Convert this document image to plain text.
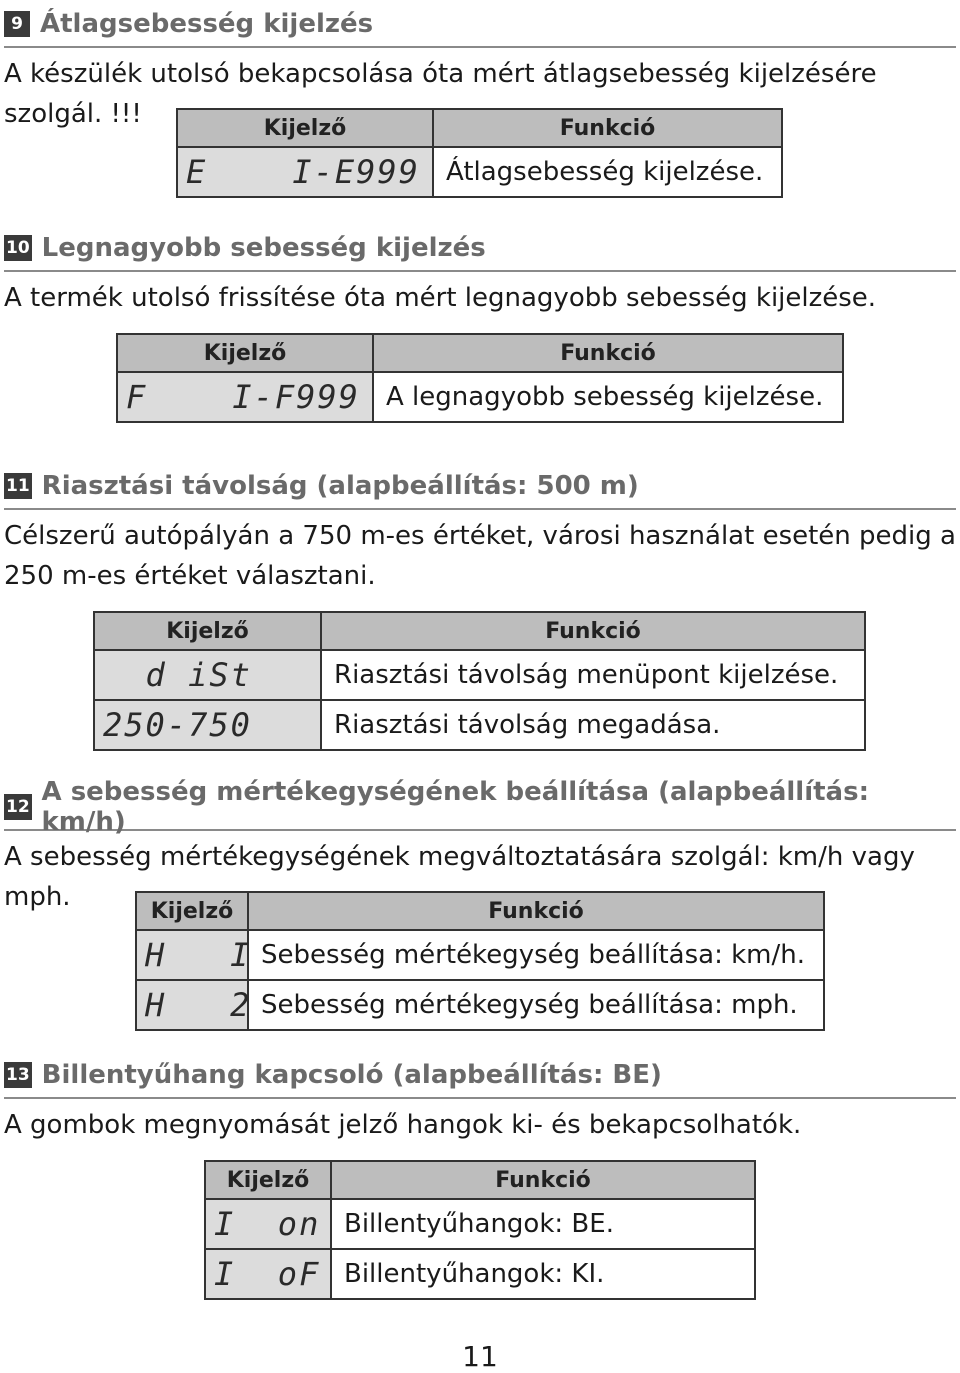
9 Átlagsebesség kijelzés
A készülék utolsó bekapcsolása óta mért átlagsebesség kijelzésére szolgál. !!!	Kijelző	Funkció
E    I-E999	Átlagsebesség kijelzése.
10 Legnagyobb sebesség kijelzés
A termék utolsó frissítése óta mért legnagyobb sebesség kijelzése.
Kijelző	Funkció
F    I-F999	A legnagyobb sebesség kijelzése.
11 Riasztási távolság (alapbeállítás: 500 m)
Célszerű autópályán a 750 m-es értéket, városi használat esetén pedig a 250 m-es értéket választani.
Kijelző	Funkció
d iSt	Riasztási távolság menüpont kijelzése.
250-750	Riasztási távolság megadása.
12 A sebesség mértékegységének beállítása (alapbeállítás: km/h)
A sebesség mértékegységének megváltoztatására szolgál: km/h vagy mph.	Kijelző	Funkció
H   I	Sebesség mértékegység beállítása: km/h.
H   2	Sebesség mértékegység beállítása: mph.
13 Billentyűhang kapcsoló (alapbeállítás: BE)
A gombok megnyomását jelző hangok ki- és bekapcsolhatók.
Kijelző	Funkció
I  on	Billentyűhangok: BE.
I  oF	Billentyűhangok: KI.
11
